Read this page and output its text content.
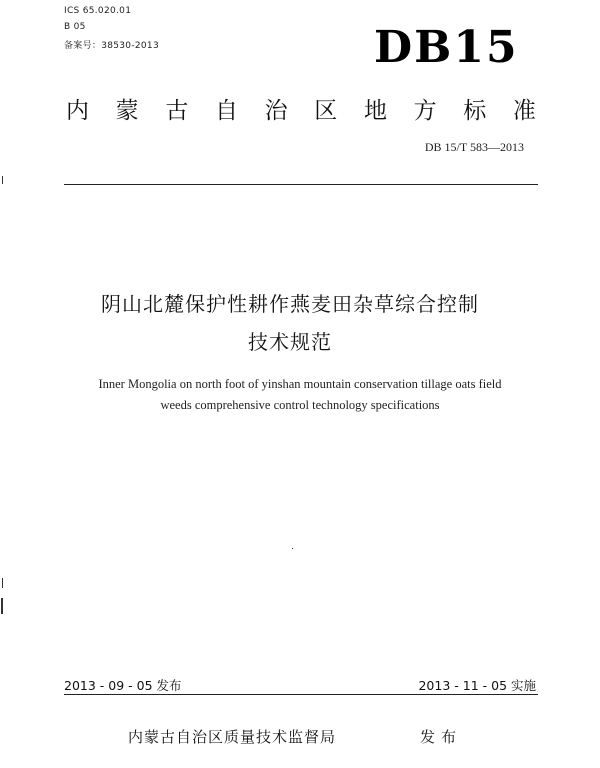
ICS 65.020.01
B 05
备案号：38530-2013	DB15
内 蒙 古 自 治 区 地 方 标 准
DB 15/T 583—2013
阴山北麓保护性耕作燕麦田杂草综合控制
技术规范
Inner Mongolia on north foot of yinshan mountain conservation tillage oats field
weeds comprehensive control technology specifications
2013 - 09 - 05 发布	2013 - 11 - 05 实施
内蒙古自治区质量技术监督局	发布
